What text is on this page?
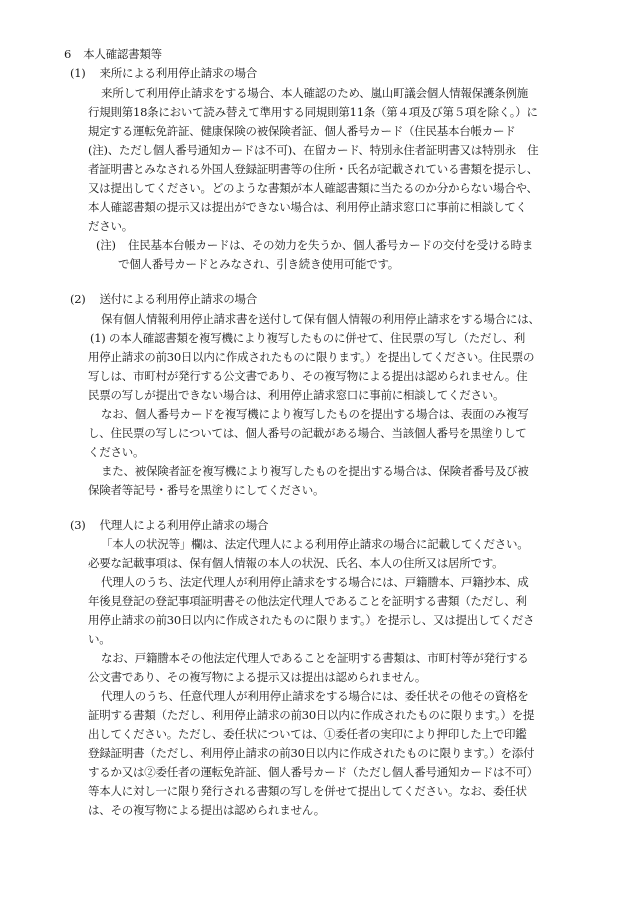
6 本人確認書類等
(1) 来所による利用停止請求の場合
来所して利用停止請求をする場合、本人確認のため、嵐山町議会個人情報保護条例施
行規則第18条において読み替えて準用する同規則第11条（第４項及び第５項を除く。）に
規定する運転免許証、健康保険の被保険者証、個人番号カード（住民基本台帳カード
(注)、ただし個人番号通知カードは不可)、在留カード、特別永住者証明書又は特別永　住
者証明書とみなされる外国人登録証明書等の住所・氏名が記載されている書類を提示し、
又は提出してください。どのような書類が本人確認書類に当たるのか分からない場合や、
本人確認書類の提示又は提出ができない場合は、利用停止請求窓口に事前に相談してく
ださい。
(注)	住民基本台帳カードは、その効力を失うか、個人番号カードの交付を受ける時ま
で個人番号カードとみなされ、引き続き使用可能です。
(2) 送付による利用停止請求の場合
保有個人情報利用停止請求書を送付して保有個人情報の利用停止請求をする場合には、
(1) の本人確認書類を複写機により複写したものに併せて、住民票の写し（ただし、利
用停止請求の前30日以内に作成されたものに限ります。）を提出してください。住民票の
写しは、市町村が発行する公文書であり、その複写物による提出は認められません。住
民票の写しが提出できない場合は、利用停止請求窓口に事前に相談してください。
なお、個人番号カードを複写機により複写したものを提出する場合は、表面のみ複写
し、住民票の写しについては、個人番号の記載がある場合、当該個人番号を黒塗りして
ください。
また、被保険者証を複写機により複写したものを提出する場合は、保険者番号及び被
保険者等記号・番号を黒塗りにしてください。
(3) 代理人による利用停止請求の場合
「本人の状況等」欄は、法定代理人による利用停止請求の場合に記載してください。
必要な記載事項は、保有個人情報の本人の状況、氏名、本人の住所又は居所です。
代理人のうち、法定代理人が利用停止請求をする場合には、戸籍謄本、戸籍抄本、成
年後見登記の登記事項証明書その他法定代理人であることを証明する書類（ただし、利
用停止請求の前30日以内に作成されたものに限ります。）を提示し、又は提出してくださ
い。
なお、戸籍謄本その他法定代理人であることを証明する書類は、市町村等が発行する
公文書であり、その複写物による提示又は提出は認められません。
代理人のうち、任意代理人が利用停止請求をする場合には、委任状その他その資格を
証明する書類（ただし、利用停止請求の前30日以内に作成されたものに限ります。）を提
出してください。ただし、委任状については、①委任者の実印により押印した上で印鑑
登録証明書（ただし、利用停止請求の前30日以内に作成されたものに限ります。）を添付
するか又は②委任者の運転免許証、個人番号カード（ただし個人番号通知カードは不可）
等本人に対し一に限り発行される書類の写しを併せて提出してください。なお、委任状
は、その複写物による提出は認められません。
